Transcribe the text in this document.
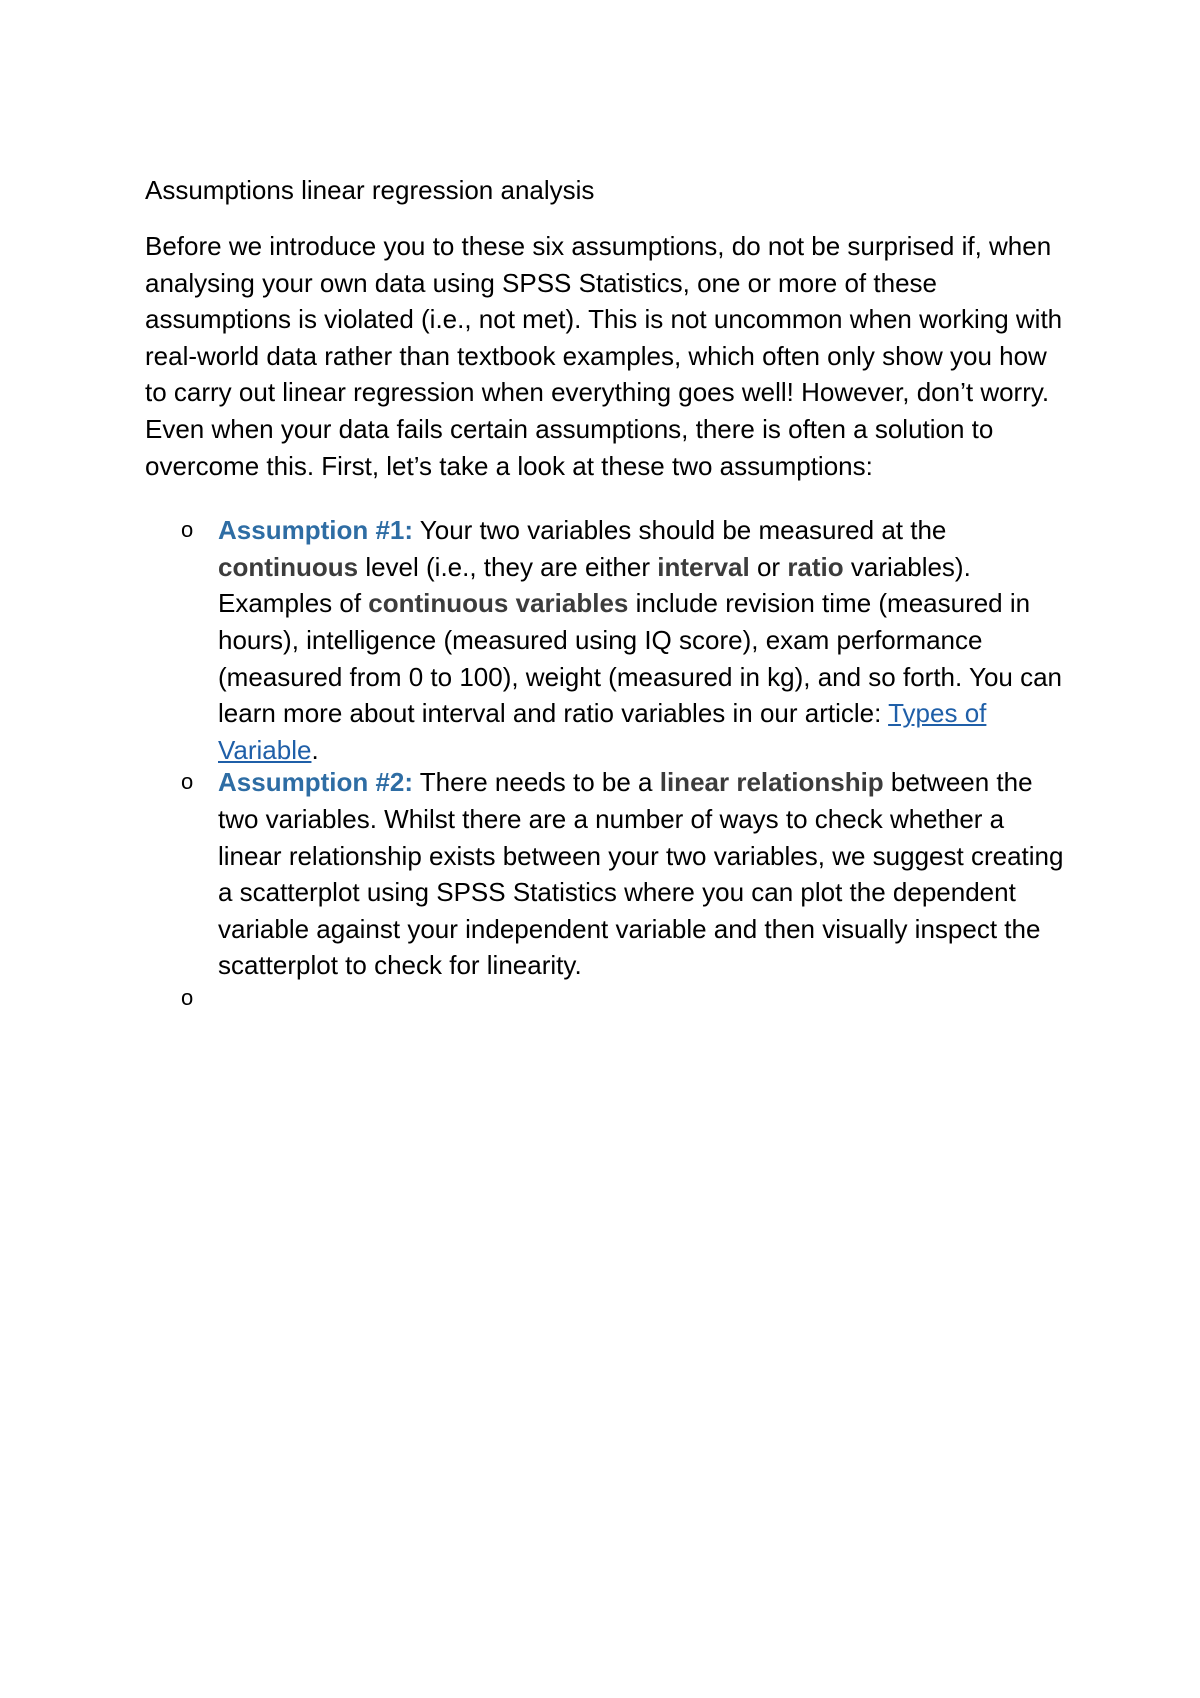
Assumptions linear regression analysis

Before we introduce you to these six assumptions, do not be surprised if, when analysing your own data using SPSS Statistics, one or more of these assumptions is violated (i.e., not met). This is not uncommon when working with real-world data rather than textbook examples, which often only show you how to carry out linear regression when everything goes well! However, don’t worry. Even when your data fails certain assumptions, there is often a solution to overcome this. First, let’s take a look at these two assumptions:

o Assumption #1: Your two variables should be measured at the continuous level (i.e., they are either interval or ratio variables). Examples of continuous variables include revision time (measured in hours), intelligence (measured using IQ score), exam performance (measured from 0 to 100), weight (measured in kg), and so forth. You can learn more about interval and ratio variables in our article: Types of Variable.
o Assumption #2: There needs to be a linear relationship between the two variables. Whilst there are a number of ways to check whether a linear relationship exists between your two variables, we suggest creating a scatterplot using SPSS Statistics where you can plot the dependent variable against your independent variable and then visually inspect the scatterplot to check for linearity.
o
